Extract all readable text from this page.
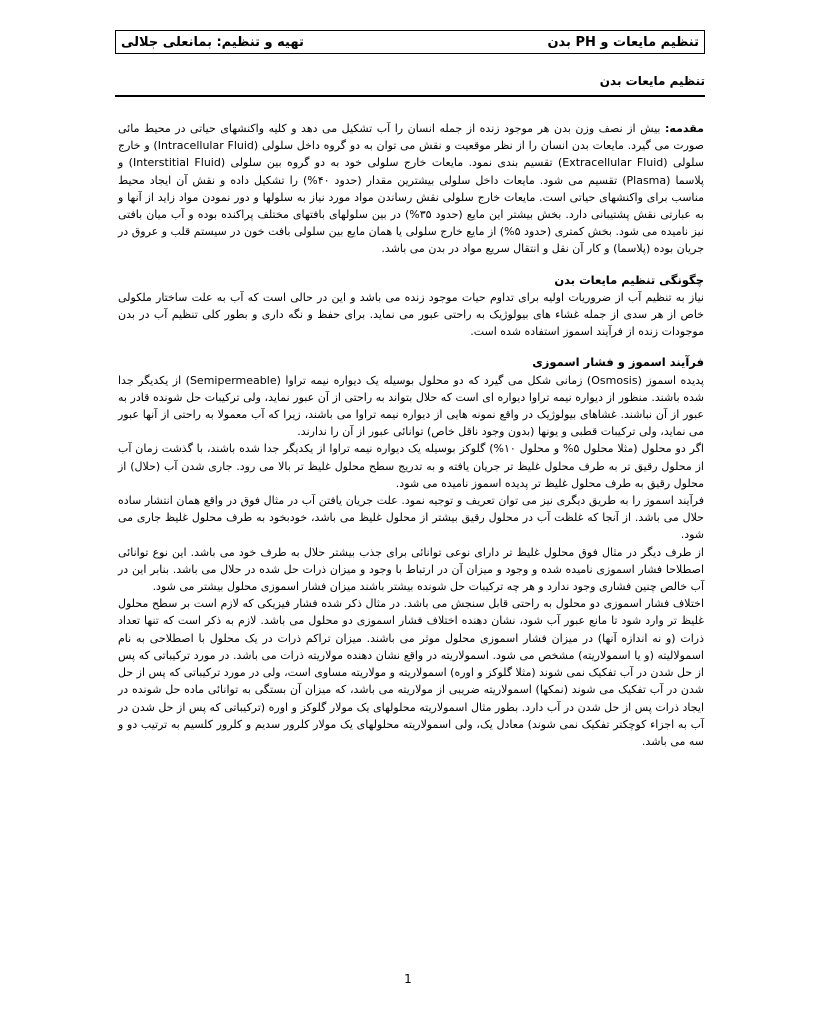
تنظیم مایعات و PH بدن
تهیه و تنظیم: بمانعلی جلالی
تنظیم مایعات بدن

مقدمه: بیش از نصف وزن بدن هر موجود زنده از جمله انسان را آب تشکیل می دهد و کلیه واکنشهای حیاتی در محیط مائی صورت می گیرد. مایعات بدن انسان را از نظر موقعیت و نقش می توان به دو گروه داخل سلولی (Intracellular Fluid) و خارج سلولی (Extracellular Fluid) تقسیم بندی نمود. مایعات خارج سلولی خود به دو گروه بین سلولی (Interstitial Fluid) و پلاسما (Plasma) تقسیم می شود. مایعات داخل سلولی بیشترین مقدار (حدود ۴۰%) را تشکیل داده و نقش آن ایجاد محیط مناسب برای واکنشهای حیاتی است. مایعات خارج سلولی نقش رساندن مواد مورد نیاز به سلولها و دور نمودن مواد زاید از آنها و به عبارتی نقش پشتیبانی دارد. بخش بیشتر این مایع (حدود ۳۵%) در بین سلولهای بافتهای مختلف پراکنده بوده و آب میان بافتی نیز نامیده می شود. بخش کمتری (حدود ۵%) از مایع خارج سلولی یا همان مایع بین سلولی بافت خون در سیستم قلب و عروق در جریان بوده (پلاسما) و کار آن نقل و انتقال سریع مواد در بدن می باشد.

چگونگی تنظیم مایعات بدن

نیاز به تنظیم آب از ضروریات اولیه برای تداوم حیات موجود زنده می باشد و این در حالی است که آب به علت ساختار ملکولی خاص از هر سدی از جمله غشاء های بیولوژیک به راحتی عبور می نماید. برای حفظ و نگه داری و بطور کلی تنظیم آب در بدن موجودات زنده از فرآیند اسموز استفاده شده است.

فرآیند اسموز و فشار اسموزی

پدیده اسموز (Osmosis) زمانی شکل می گیرد که دو محلول بوسیله یک دیواره نیمه تراوا (Semipermeable) از یکدیگر جدا شده باشند. منظور از دیواره نیمه تراوا دیواره ای است که حلال بتواند به راحتی از آن عبور نماید، ولی ترکیبات حل شونده قادر به عبور از آن نباشند. غشاهای بیولوژیک در واقع نمونه هایی از دیواره نیمه تراوا می باشند، زیرا که آب معمولا به راحتی از آنها عبور می نماید، ولی ترکیبات قطبی و یونها (بدون وجود ناقل خاص) توانائی عبور از آن را ندارند.

اگر دو محلول (مثلا محلول ۵% و محلول ۱۰%) گلوکز بوسیله یک دیواره نیمه تراوا از یکدیگر جدا شده باشند، با گذشت زمان آب از محلول رقیق تر به طرف محلول غلیظ تر جریان یافته و به تدریج سطح محلول غلیظ تر بالا می رود. جاری شدن آب (حلال) از محلول رقیق به طرف محلول غلیظ تر پدیده اسموز نامیده می شود.

فرآیند اسموز را به طریق دیگری نیز می توان تعریف و توجیه نمود. علت جریان یافتن آب در مثال فوق در واقع همان انتشار ساده حلال می باشد. از آنجا که غلظت آب در محلول رقیق بیشتر از محلول غلیظ می باشد، خودبخود به طرف محلول غلیظ جاری می شود.

از طرف دیگر در مثال فوق محلول غلیظ تر دارای نوعی توانائی برای جذب بیشتر حلال به طرف خود می باشد. این نوع توانائی اصطلاحا فشار اسموزی نامیده شده و وجود و میزان آن در ارتباط با وجود و میزان ذرات حل شده در حلال می باشد. بنابر این در آب خالص چنین فشاری وجود ندارد و هر چه ترکیبات حل شونده بیشتر باشند میزان فشار اسموزی محلول بیشتر می شود.

اختلاف فشار اسموزی دو محلول به راحتی قابل سنجش می باشد. در مثال ذکر شده فشار فیزیکی که لازم است بر سطح محلول غلیظ تر وارد شود تا مانع عبور آب شود، نشان دهنده اختلاف فشار اسموزی دو محلول می باشد. لازم به ذکر است که تنها تعداد ذرات (و نه اندازه آنها) در میزان فشار اسموزی محلول موثر می باشند. میزان تراکم ذرات در یک محلول با اصطلاحی به نام اسمولالیته (و یا اسمولاریته) مشخص می شود. اسمولاریته در واقع نشان دهنده مولاریته ذرات می باشد. در مورد ترکیباتی که پس از حل شدن در آب تفکیک نمی شوند (مثلا گلوکز و اوره) اسمولاریته و مولاریته مساوی است، ولی در مورد ترکیباتی که پس از حل شدن در آب تفکیک می شوند (نمکها) اسمولاریته ضریبی از مولاریته می باشد، که میزان آن بستگی به توانائی ماده حل شونده در ایجاد ذرات پس از حل شدن در آب دارد. بطور مثال اسمولاریته محلولهای یک مولار گلوکز و اوره (ترکیباتی که پس از حل شدن در آب به اجزاء کوچکتر تفکیک نمی شوند) معادل یک، ولی اسمولاریته محلولهای یک مولار کلرور سدیم و کلرور کلسیم به ترتیب دو و سه می باشد.

1
